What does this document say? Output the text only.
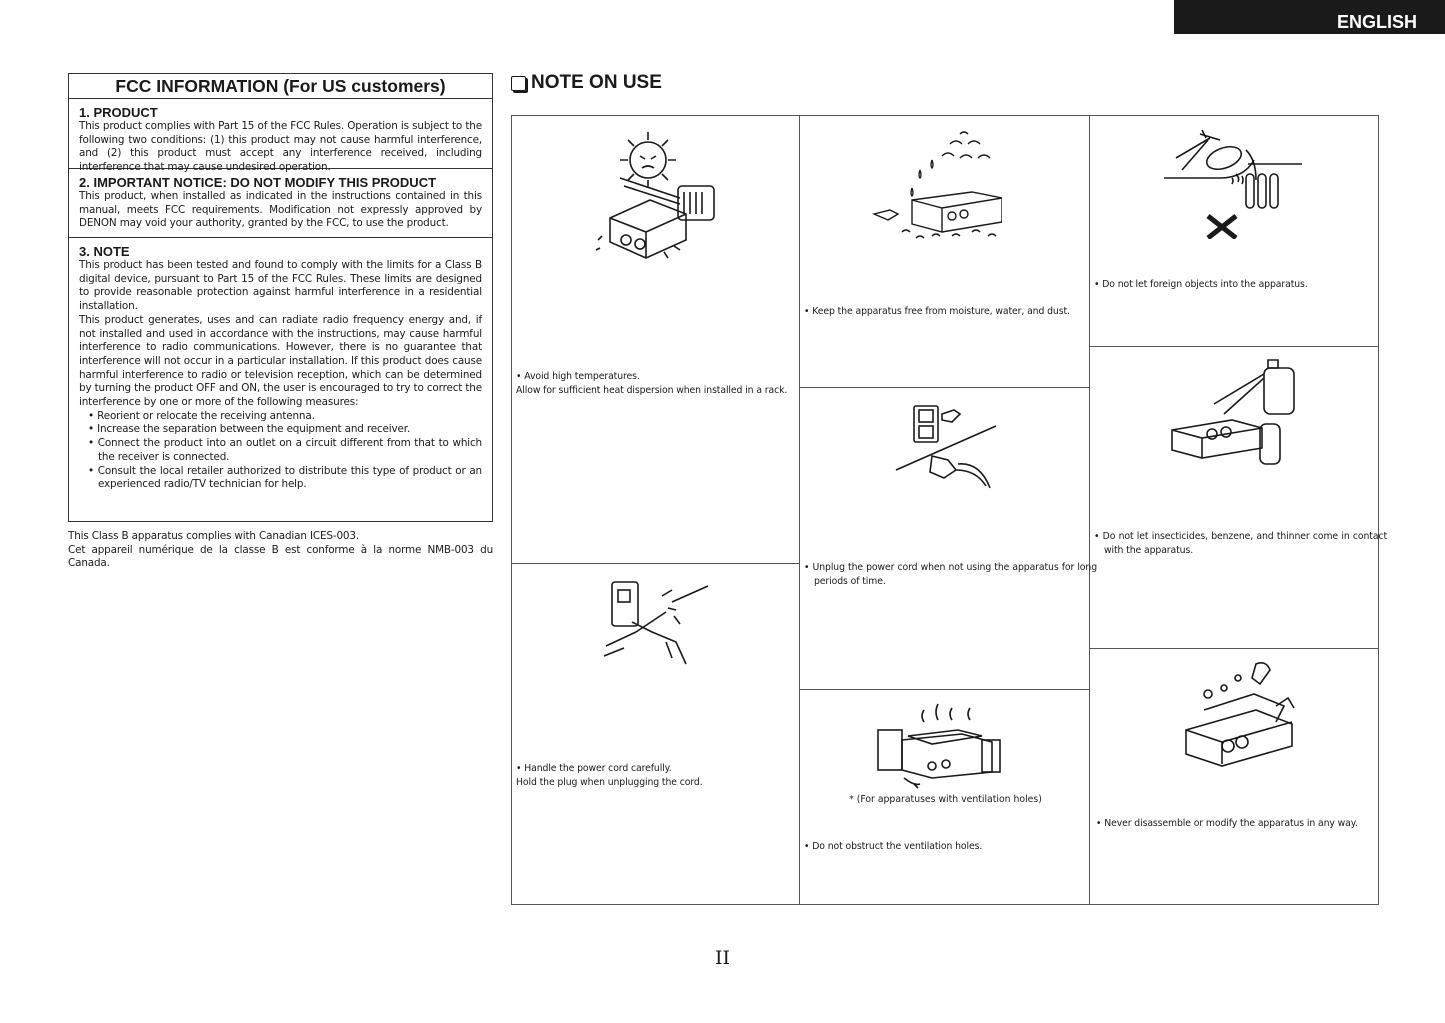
ENGLISH
FCC INFORMATION (For US customers)
1. PRODUCT

This product complies with Part 15 of the FCC Rules. Operation is subject to the following two conditions: (1) this product may not cause harmful interference, and (2) this product must accept any interference received, including interference that may cause undesired operation.

2. IMPORTANT NOTICE: DO NOT MODIFY THIS PRODUCT

This product, when installed as indicated in the instructions contained in this manual, meets FCC requirements. Modification not expressly approved by DENON may void your authority, granted by the FCC, to use the product.

3. NOTE

This product has been tested and found to comply with the limits for a Class B digital device, pursuant to Part 15 of the FCC Rules. These limits are designed to provide reasonable protection against harmful interference in a residential installation.

This product generates, uses and can radiate radio frequency energy and, if not installed and used in accordance with the instructions, may cause harmful interference to radio communications. However, there is no guarantee that interference will not occur in a particular installation. If this product does cause harmful interference to radio or television reception, which can be determined by turning the product OFF and ON, the user is encouraged to try to correct the interference by one or more of the following measures:

• Reorient or relocate the receiving antenna.
• Increase the separation between the equipment and receiver.
• Connect the product into an outlet on a circuit different from that to which the receiver is connected.
• Consult the local retailer authorized to distribute this type of product or an experienced radio/TV technician for help.

This Class B apparatus complies with Canadian ICES-003.

Cet appareil numérique de la classe B est conforme à la norme NMB-003 du Canada.

NOTE ON USE
• Avoid high temperatures.
Allow for sufficient heat dispersion when installed in a rack.
• Handle the power cord carefully.
Hold the plug when unplugging the cord.
• Keep the apparatus free from moisture, water, and dust.
• Unplug the power cord when not using the apparatus for long periods of time.
* (For apparatuses with ventilation holes)
• Do not obstruct the ventilation holes.
• Do not let foreign objects into the apparatus.
• Do not let insecticides, benzene, and thinner come in contact with the apparatus.
• Never disassemble or modify the apparatus in any way.
II
